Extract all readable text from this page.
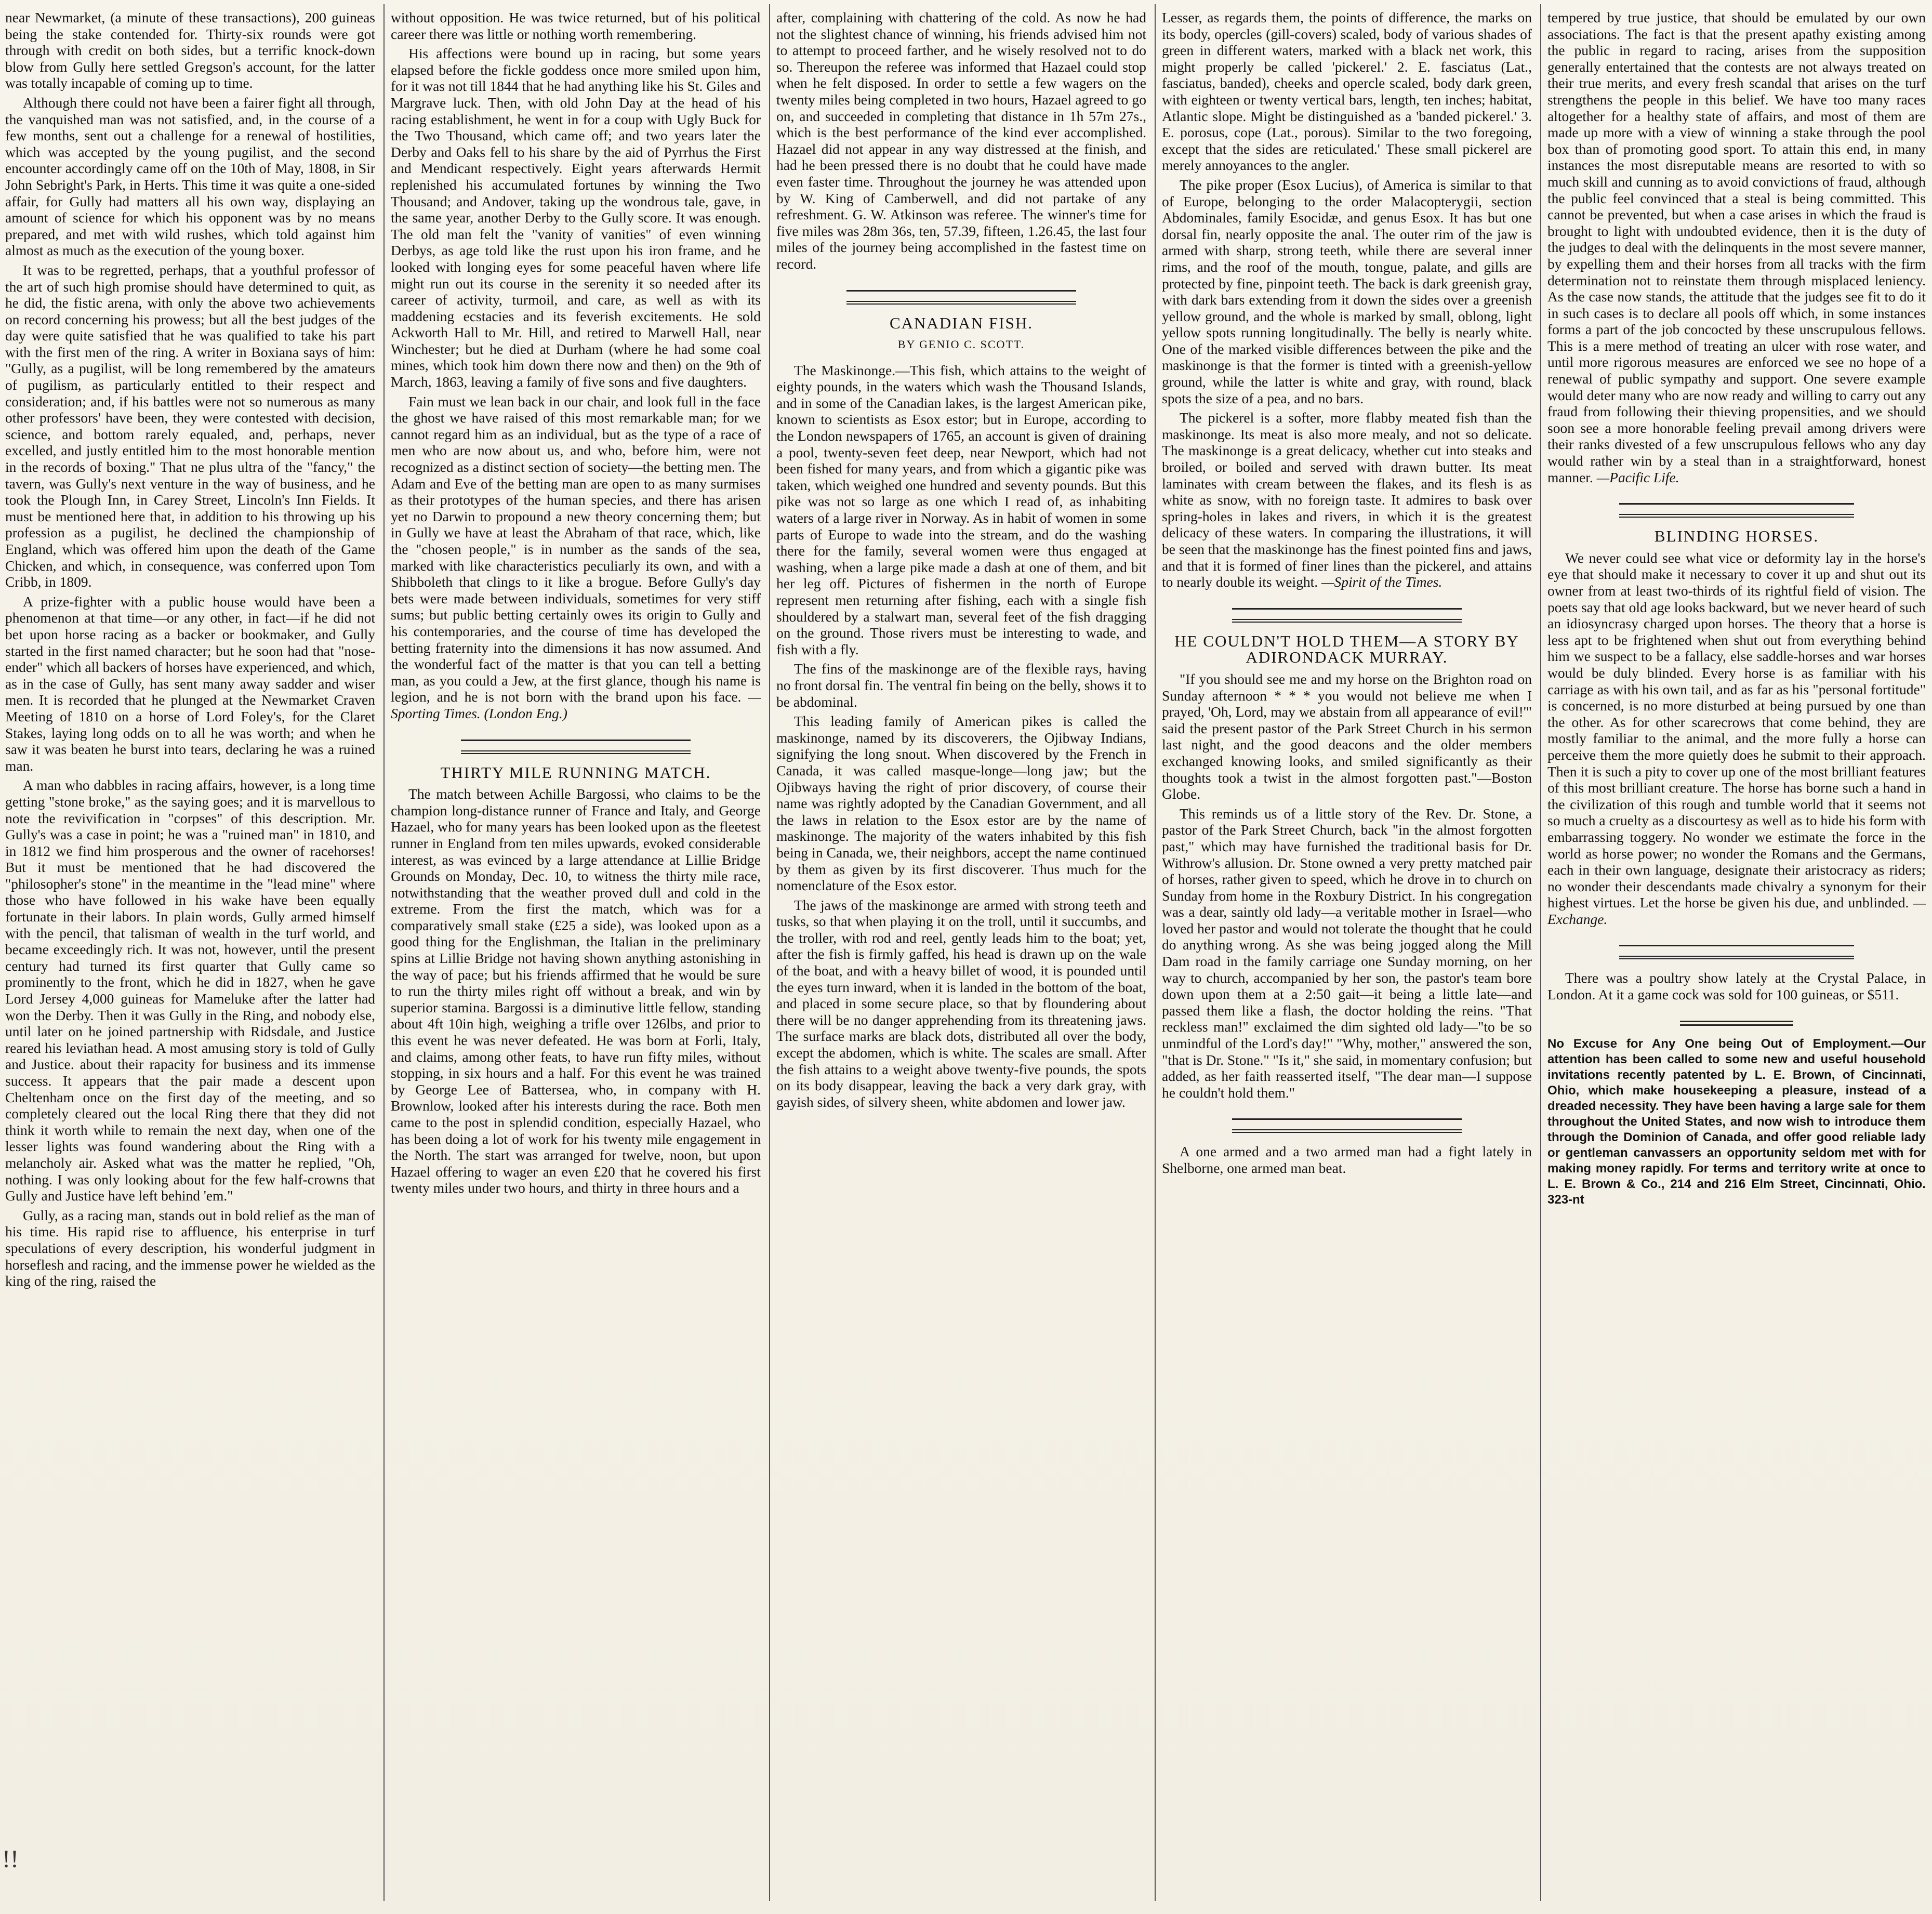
near Newmarket, (a minute of these transactions), 200 guineas being the stake contended for. Thirty-six rounds were got through with credit on both sides, but a terrific knock-down blow from Gully here settled Gregson's account, for the latter was totally incapable of coming up to time.

Although there could not have been a fairer fight all through, the vanquished man was not satisfied, and, in the course of a few months, sent out a challenge for a renewal of hostilities, which was accepted by the young pugilist, and the second encounter accordingly came off on the 10th of May, 1808, in Sir John Sebright's Park, in Herts. This time it was quite a one-sided affair, for Gully had matters all his own way, displaying an amount of science for which his opponent was by no means prepared, and met with wild rushes, which told against him almost as much as the execution of the young boxer.

It was to be regretted, perhaps, that a youthful professor of the art of such high promise should have determined to quit, as he did, the fistic arena, with only the above two achievements on record concerning his prowess; but all the best judges of the day were quite satisfied that he was qualified to take his part with the first men of the ring. A writer in Boxiana says of him: "Gully, as a pugilist, will be long remembered by the amateurs of pugilism, as particularly entitled to their respect and consideration; and, if his battles were not so numerous as many other professors' have been, they were contested with decision, science, and bottom rarely equaled, and, perhaps, never excelled, and justly entitled him to the most honorable mention in the records of boxing." That ne plus ultra of the "fancy," the tavern, was Gully's next venture in the way of business, and he took the Plough Inn, in Carey Street, Lincoln's Inn Fields. It must be mentioned here that, in addition to his throwing up his profession as a pugilist, he declined the championship of England, which was offered him upon the death of the Game Chicken, and which, in consequence, was conferred upon Tom Cribb, in 1809.

A prize-fighter with a public house would have been a phenomenon at that time—or any other, in fact—if he did not bet upon horse racing as a backer or bookmaker, and Gully started in the first named character; but he soon had that "nose-ender" which all backers of horses have experienced, and which, as in the case of Gully, has sent many away sadder and wiser men. It is recorded that he plunged at the Newmarket Craven Meeting of 1810 on a horse of Lord Foley's, for the Claret Stakes, laying long odds on to all he was worth; and when he saw it was beaten he burst into tears, declaring he was a ruined man.

A man who dabbles in racing affairs, however, is a long time getting "stone broke," as the saying goes; and it is marvellous to note the revivification in "corpses" of this description. Mr. Gully's was a case in point; he was a "ruined man" in 1810, and in 1812 we find him prosperous and the owner of racehorses! But it must be mentioned that he had discovered the "philosopher's stone" in the meantime in the "lead mine" where those who have followed in his wake have been equally fortunate in their labors. In plain words, Gully armed himself with the pencil, that talisman of wealth in the turf world, and became exceedingly rich. It was not, however, until the present century had turned its first quarter that Gully came so prominently to the front, which he did in 1827, when he gave Lord Jersey 4,000 guineas for Mameluke after the latter had won the Derby. Then it was Gully in the Ring, and nobody else, until later on he joined partnership with Ridsdale, and Justice reared his leviathan head. A most amusing story is told of Gully and Justice. about their rapacity for business and its immense success. It appears that the pair made a descent upon Cheltenham once on the first day of the meeting, and so completely cleared out the local Ring there that they did not think it worth while to remain the next day, when one of the lesser lights was found wandering about the Ring with a melancholy air. Asked what was the matter he replied, "Oh, nothing. I was only looking about for the few half-crowns that Gully and Justice have left behind 'em."

Gully, as a racing man, stands out in bold relief as the man of his time. His rapid rise to affluence, his enterprise in turf speculations of every description, his wonderful judgment in horseflesh and racing, and the immense power he wielded as the king of the ring, raised the

without opposition. He was twice returned, but of his political career there was little or nothing worth remembering.

His affections were bound up in racing, but some years elapsed before the fickle goddess once more smiled upon him, for it was not till 1844 that he had anything like his St. Giles and Margrave luck. Then, with old John Day at the head of his racing establishment, he went in for a coup with Ugly Buck for the Two Thousand, which came off; and two years later the Derby and Oaks fell to his share by the aid of Pyrrhus the First and Mendicant respectively. Eight years afterwards Hermit replenished his accumulated fortunes by winning the Two Thousand; and Andover, taking up the wondrous tale, gave, in the same year, another Derby to the Gully score. It was enough. The old man felt the "vanity of vanities" of even winning Derbys, as age told like the rust upon his iron frame, and he looked with longing eyes for some peaceful haven where life might run out its course in the serenity it so needed after its career of activity, turmoil, and care, as well as with its maddening ecstacies and its feverish excitements. He sold Ackworth Hall to Mr. Hill, and retired to Marwell Hall, near Winchester; but he died at Durham (where he had some coal mines, which took him down there now and then) on the 9th of March, 1863, leaving a family of five sons and five daughters.

Fain must we lean back in our chair, and look full in the face the ghost we have raised of this most remarkable man; for we cannot regard him as an individual, but as the type of a race of men who are now about us, and who, before him, were not recognized as a distinct section of society—the betting men. The Adam and Eve of the betting man are open to as many surmises as their prototypes of the human species, and there has arisen yet no Darwin to propound a new theory concerning them; but in Gully we have at least the Abraham of that race, which, like the "chosen people," is in number as the sands of the sea, marked with like characteristics peculiarly its own, and with a Shibboleth that clings to it like a brogue. Before Gully's day bets were made between individuals, sometimes for very stiff sums; but public betting certainly owes its origin to Gully and his contemporaries, and the course of time has developed the betting fraternity into the dimensions it has now assumed. And the wonderful fact of the matter is that you can tell a betting man, as you could a Jew, at the first glance, though his name is legion, and he is not born with the brand upon his face. —Sporting Times. (London Eng.)

THIRTY MILE RUNNING MATCH.

The match between Achille Bargossi, who claims to be the champion long-distance runner of France and Italy, and George Hazael, who for many years has been looked upon as the fleetest runner in England from ten miles upwards, evoked considerable interest, as was evinced by a large attendance at Lillie Bridge Grounds on Monday, Dec. 10, to witness the thirty mile race, notwithstanding that the weather proved dull and cold in the extreme. From the first the match, which was for a comparatively small stake (£25 a side), was looked upon as a good thing for the Englishman, the Italian in the preliminary spins at Lillie Bridge not having shown anything astonishing in the way of pace; but his friends affirmed that he would be sure to run the thirty miles right off without a break, and win by superior stamina. Bargossi is a diminutive little fellow, standing about 4ft 10in high, weighing a trifle over 126lbs, and prior to this event he was never defeated. He was born at Forli, Italy, and claims, among other feats, to have run fifty miles, without stopping, in six hours and a half. For this event he was trained by George Lee of Battersea, who, in company with H. Brownlow, looked after his interests during the race. Both men came to the post in splendid condition, especially Hazael, who has been doing a lot of work for his twenty mile engagement in the North. The start was arranged for twelve, noon, but upon Hazael offering to wager an even £20 that he covered his first twenty miles under two hours, and thirty in three hours and a

after, complaining with chattering of the cold. As now he had not the slightest chance of winning, his friends advised him not to attempt to proceed farther, and he wisely resolved not to do so. Thereupon the referee was informed that Hazael could stop when he felt disposed. In order to settle a few wagers on the twenty miles being completed in two hours, Hazael agreed to go on, and succeeded in completing that distance in 1h 57m 27s., which is the best performance of the kind ever accomplished. Hazael did not appear in any way distressed at the finish, and had he been pressed there is no doubt that he could have made even faster time. Throughout the journey he was attended upon by W. King of Camberwell, and did not partake of any refreshment. G. W. Atkinson was referee. The winner's time for five miles was 28m 36s, ten, 57.39, fifteen, 1.26.45, the last four miles of the journey being accomplished in the fastest time on record.

CANADIAN FISH.
BY GENIO C. SCOTT.

The Maskinonge.—This fish, which attains to the weight of eighty pounds, in the waters which wash the Thousand Islands, and in some of the Canadian lakes, is the largest American pike, known to scientists as Esox estor; but in Europe, according to the London newspapers of 1765, an account is given of draining a pool, twenty-seven feet deep, near Newport, which had not been fished for many years, and from which a gigantic pike was taken, which weighed one hundred and seventy pounds. But this pike was not so large as one which I read of, as inhabiting waters of a large river in Norway. As in habit of women in some parts of Europe to wade into the stream, and do the washing there for the family, several women were thus engaged at washing, when a large pike made a dash at one of them, and bit her leg off. Pictures of fishermen in the north of Europe represent men returning after fishing, each with a single fish shouldered by a stalwart man, several feet of the fish dragging on the ground. Those rivers must be interesting to wade, and fish with a fly.

The fins of the maskinonge are of the flexible rays, having no front dorsal fin. The ventral fin being on the belly, shows it to be abdominal.

This leading family of American pikes is called the maskinonge, named by its discoverers, the Ojibway Indians, signifying the long snout. When discovered by the French in Canada, it was called masque-longe—long jaw; but the Ojibways having the right of prior discovery, of course their name was rightly adopted by the Canadian Government, and all the laws in relation to the Esox estor are by the name of maskinonge. The majority of the waters inhabited by this fish being in Canada, we, their neighbors, accept the name continued by them as given by its first discoverer. Thus much for the nomenclature of the Esox estor.

The jaws of the maskinonge are armed with strong teeth and tusks, so that when playing it on the troll, until it succumbs, and the troller, with rod and reel, gently leads him to the boat; yet, after the fish is firmly gaffed, his head is drawn up on the wale of the boat, and with a heavy billet of wood, it is pounded until the eyes turn inward, when it is landed in the bottom of the boat, and placed in some secure place, so that by floundering about there will be no danger apprehending from its threatening jaws. The surface marks are black dots, distributed all over the body, except the abdomen, which is white. The scales are small. After the fish attains to a weight above twenty-five pounds, the spots on its body disappear, leaving the back a very dark gray, with gayish sides, of silvery sheen, white abdomen and lower jaw.

Lesser, as regards them, the points of difference, the marks on its body, opercles (gill-covers) scaled, body of various shades of green in different waters, marked with a black net work, this might properly be called 'pickerel.' 2. E. fasciatus (Lat., fasciatus, banded), cheeks and opercle scaled, body dark green, with eighteen or twenty vertical bars, length, ten inches; habitat, Atlantic slope. Might be distinguished as a 'banded pickerel.' 3. E. porosus, cope (Lat., porous). Similar to the two foregoing, except that the sides are reticulated.' These small pickerel are merely annoyances to the angler.

The pike proper (Esox Lucius), of America is similar to that of Europe, belonging to the order Malacopterygii, section Abdominales, family Esocidæ, and genus Esox. It has but one dorsal fin, nearly opposite the anal. The outer rim of the jaw is armed with sharp, strong teeth, while there are several inner rims, and the roof of the mouth, tongue, palate, and gills are protected by fine, pinpoint teeth. The back is dark greenish gray, with dark bars extending from it down the sides over a greenish yellow ground, and the whole is marked by small, oblong, light yellow spots running longitudinally. The belly is nearly white. One of the marked visible differences between the pike and the maskinonge is that the former is tinted with a greenish-yellow ground, while the latter is white and gray, with round, black spots the size of a pea, and no bars.

The pickerel is a softer, more flabby meated fish than the maskinonge. Its meat is also more mealy, and not so delicate. The maskinonge is a great delicacy, whether cut into steaks and broiled, or boiled and served with drawn butter. Its meat laminates with cream between the flakes, and its flesh is as white as snow, with no foreign taste. It admires to bask over spring-holes in lakes and rivers, in which it is the greatest delicacy of these waters. In comparing the illustrations, it will be seen that the maskinonge has the finest pointed fins and jaws, and that it is formed of finer lines than the pickerel, and attains to nearly double its weight. —Spirit of the Times.

HE COULDN'T HOLD THEM—A STORY BY ADIRONDACK MURRAY.

"If you should see me and my horse on the Brighton road on Sunday afternoon * * * you would not believe me when I prayed, 'Oh, Lord, may we abstain from all appearance of evil!'" said the present pastor of the Park Street Church in his sermon last night, and the good deacons and the older members exchanged knowing looks, and smiled significantly as their thoughts took a twist in the almost forgotten past."—Boston Globe.

This reminds us of a little story of the Rev. Dr. Stone, a pastor of the Park Street Church, back "in the almost forgotten past," which may have furnished the traditional basis for Dr. Withrow's allusion. Dr. Stone owned a very pretty matched pair of horses, rather given to speed, which he drove in to church on Sunday from home in the Roxbury District. In his congregation was a dear, saintly old lady—a veritable mother in Israel—who loved her pastor and would not tolerate the thought that he could do anything wrong. As she was being jogged along the Mill Dam road in the family carriage one Sunday morning, on her way to church, accompanied by her son, the pastor's team bore down upon them at a 2:50 gait—it being a little late—and passed them like a flash, the doctor holding the reins. "That reckless man!" exclaimed the dim sighted old lady—"to be so unmindful of the Lord's day!" "Why, mother," answered the son, "that is Dr. Stone." "Is it," she said, in momentary confusion; but added, as her faith reasserted itself, "The dear man—I suppose he couldn't hold them."

A one armed and a two armed man had a fight lately in Shelborne, one armed man beat.

tempered by true justice, that should be emulated by our own associations. The fact is that the present apathy existing among the public in regard to racing, arises from the supposition generally entertained that the contests are not always treated on their true merits, and every fresh scandal that arises on the turf strengthens the people in this belief. We have too many races altogether for a healthy state of affairs, and most of them are made up more with a view of winning a stake through the pool box than of promoting good sport. To attain this end, in many instances the most disreputable means are resorted to with so much skill and cunning as to avoid convictions of fraud, although the public feel convinced that a steal is being committed. This cannot be prevented, but when a case arises in which the fraud is brought to light with undoubted evidence, then it is the duty of the judges to deal with the delinquents in the most severe manner, by expelling them and their horses from all tracks with the firm determination not to reinstate them through misplaced leniency. As the case now stands, the attitude that the judges see fit to do it in such cases is to declare all pools off which, in some instances forms a part of the job concocted by these unscrupulous fellows. This is a mere method of treating an ulcer with rose water, and until more rigorous measures are enforced we see no hope of a renewal of public sympathy and support. One severe example would deter many who are now ready and willing to carry out any fraud from following their thieving propensities, and we should soon see a more honorable feeling prevail among drivers were their ranks divested of a few unscrupulous fellows who any day would rather win by a steal than in a straightforward, honest manner. —Pacific Life.

BLINDING HORSES.

We never could see what vice or deformity lay in the horse's eye that should make it necessary to cover it up and shut out its owner from at least two-thirds of its rightful field of vision. The poets say that old age looks backward, but we never heard of such an idiosyncrasy charged upon horses. The theory that a horse is less apt to be frightened when shut out from everything behind him we suspect to be a fallacy, else saddle-horses and war horses would be duly blinded. Every horse is as familiar with his carriage as with his own tail, and as far as his "personal fortitude" is concerned, is no more disturbed at being pursued by one than the other. As for other scarecrows that come behind, they are mostly familiar to the animal, and the more fully a horse can perceive them the more quietly does he submit to their approach. Then it is such a pity to cover up one of the most brilliant features of this most brilliant creature. The horse has borne such a hand in the civilization of this rough and tumble world that it seems not so much a cruelty as a discourtesy as well as to hide his form with embarrassing toggery. No wonder we estimate the force in the world as horse power; no wonder the Romans and the Germans, each in their own language, designate their aristocracy as riders; no wonder their descendants made chivalry a synonym for their highest virtues. Let the horse be given his due, and unblinded. —Exchange.

There was a poultry show lately at the Crystal Palace, in London. At it a game cock was sold for 100 guineas, or $511.

No Excuse for Any One being Out of Employment.—Our attention has been called to some new and useful household invitations recently patented by L. E. Brown, of Cincinnati, Ohio, which make housekeeping a pleasure, instead of a dreaded necessity. They have been having a large sale for them throughout the United States, and now wish to introduce them through the Dominion of Canada, and offer good reliable lady or gentleman canvassers an opportunity seldom met with for making money rapidly. For terms and territory write at once to L. E. Brown & Co., 214 and 216 Elm Street, Cincinnati, Ohio. 323-nt

!!
